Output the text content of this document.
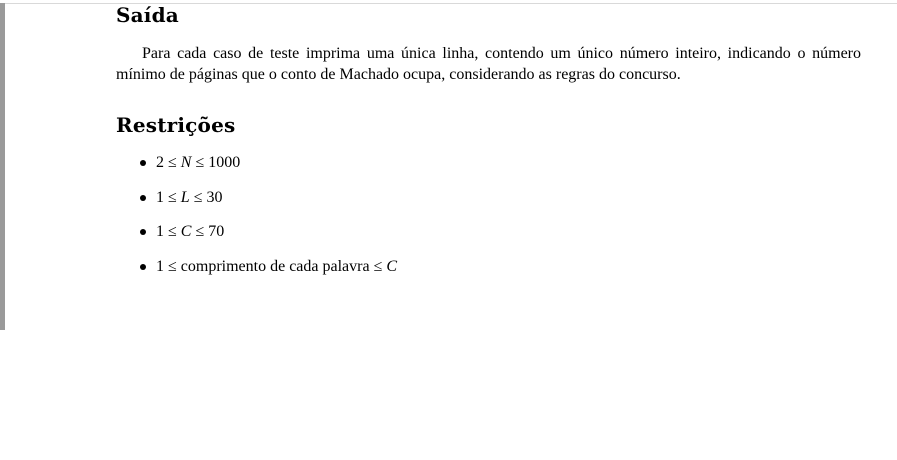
Saída

Para cada caso de teste imprima uma única linha, contendo um único número inteiro, indicando o número mínimo de páginas que o conto de Machado ocupa, considerando as regras do concurso.

Restrições
2 ≤ N ≤ 1000
1 ≤ L ≤ 30
1 ≤ C ≤ 70
1 ≤ comprimento de cada palavra ≤ C
